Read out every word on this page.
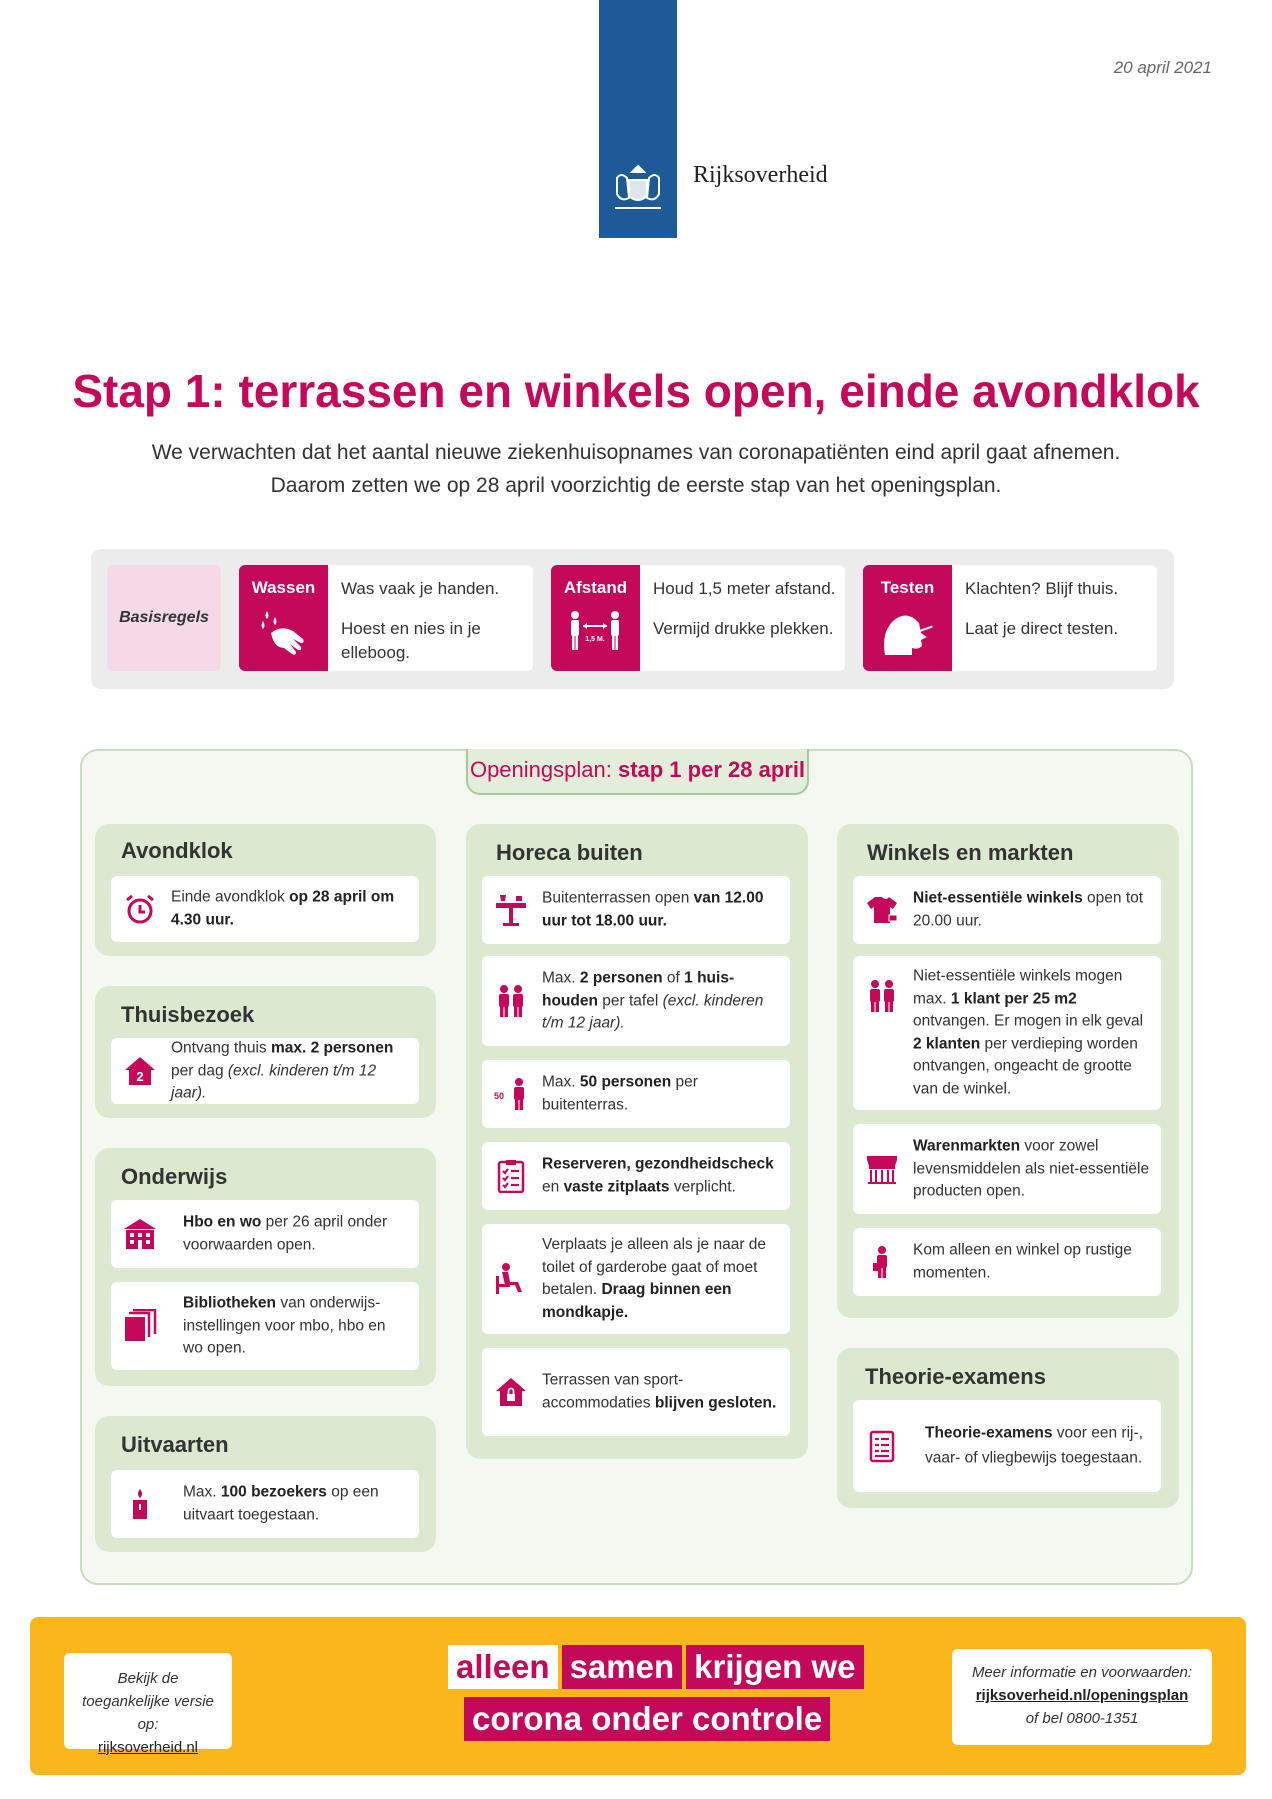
20 april 2021
Rijksoverheid
Stap 1: terrassen en winkels open, einde avondklok
We verwachten dat het aantal nieuwe ziekenhuisopnames van coronapatiënten eind april gaat afnemen.
Daarom zetten we op 28 april voorzichtig de eerste stap van het openingsplan.
Basisregels
Wassen	Was vaak je handen.

Hoest en nies in je elleboog.

Afstand
1,5 M.

Houd 1,5 meter afstand.

Vermijd drukke plekken.

Testen	Klachten? Blijf thuis.

Laat je direct testen.

Openingsplan: stap 1 per 28 april
Avondklok
Einde avondklok op 28 april om 4.30 uur.
Thuisbezoek
2
Ontvang thuis max. 2 personen per dag (excl. kinderen t/m 12 jaar).
Onderwijs
Hbo en wo per 26 april onder voorwaarden open.
Bibliotheken van onderwijs-instellingen voor mbo, hbo en wo open.
Uitvaarten
Max. 100 bezoekers op een uitvaart toegestaan.
Horeca buiten
Buitenterrassen open van 12.00 uur tot 18.00 uur.
Max. 2 personen of 1 huis-houden per tafel (excl. kinderen t/m 12 jaar).
50
Max. 50 personen per buitenterras.
Reserveren, gezondheidscheck en vaste zitplaats verplicht.
Verplaats je alleen als je naar de toilet of garderobe gaat of moet betalen. Draag binnen een mondkapje.
Terrassen van sport-accommodaties blijven gesloten.
Winkels en markten
Niet-essentiële winkels open tot 20.00 uur.
Niet-essentiële winkels mogen max. 1 klant per 25 m2 ontvangen. Er mogen in elk geval 2 klanten per verdieping worden ontvangen, ongeacht de grootte van de winkel.
Warenmarkten voor zowel levensmiddelen als niet-essentiële producten open.
Kom alleen en winkel op rustige momenten.
Theorie-examens
Theorie-examens voor een rij-, vaar- of vliegbewijs toegestaan.
Bekijk de toegankelijke versie op:
rijksoverheid.nl
alleen samen krijgen we
corona onder controle
Meer informatie en voorwaarden:
rijksoverheid.nl/openingsplan
of bel 0800-1351
